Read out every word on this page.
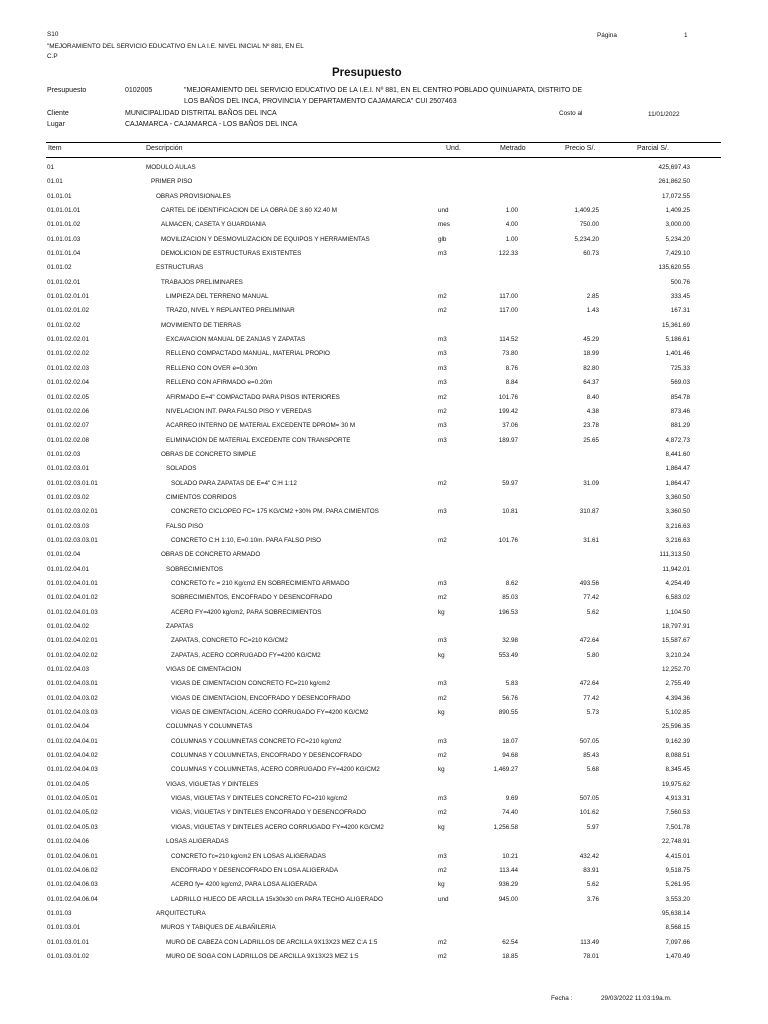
S10	Página	1
"MEJORAMIENTO DEL SERVICIO EDUCATIVO EN LA I.E. NIVEL INICIAL Nº 881, EN EL
C.P
Presupuesto
Presupuesto	0102005	"MEJORAMIENTO DEL SERVICIO EDUCATIVO DE LA I.E.I. Nº 881, EN EL CENTRO POBLADO QUINUAPATA, DISTRITO DE
LOS BAÑOS DEL INCA, PROVINCIA Y DEPARTAMENTO CAJAMARCA" CUI 2507463
Cliente	MUNICIPALIDAD DISTRITAL BAÑOS DEL INCA	Costo al	11/01/2022
Lugar	CAJAMARCA - CAJAMARCA - LOS BAÑOS DEL INCA
Item	Descripción	Und.	Metrado	Precio S/.	Parcial S/.
01	MODULO AULAS	425,697.43
01.01	PRIMER PISO	261,862.50
01.01.01	OBRAS PROVISIONALES	17,072.55
01.01.01.01	CARTEL DE IDENTIFICACION DE LA OBRA DE 3.60 X2.40 M	und	1.00	1,409.25	1,409.25
01.01.01.02	ALMACEN, CASETA Y GUARDIANIA	mes	4.00	750.00	3,000.00
01.01.01.03	MOVILIZACION Y DESMOVILIZACION DE EQUIPOS Y HERRAMIENTAS	glb	1.00	5,234.20	5,234.20
01.01.01.04	DEMOLICION DE ESTRUCTURAS EXISTENTES	m3	122.33	60.73	7,429.10
01.01.02	ESTRUCTURAS	135,620.55
01.01.02.01	TRABAJOS PRELIMINARES	500.76
01.01.02.01.01	LIMPIEZA DEL TERRENO MANUAL	m2	117.00	2.85	333.45
01.01.02.01.02	TRAZO, NIVEL Y REPLANTEO PRELIMINAR	m2	117.00	1.43	167.31
01.01.02.02	MOVIMIENTO DE TIERRAS	15,361.69
01.01.02.02.01	EXCAVACION MANUAL DE ZANJAS Y ZAPATAS	m3	114.52	45.29	5,186.61
01.01.02.02.02	RELLENO COMPACTADO MANUAL, MATERIAL PROPIO	m3	73.80	18.99	1,401.46
01.01.02.02.03	RELLENO CON OVER e=0.30m	m3	8.76	82.80	725.33
01.01.02.02.04	RELLENO CON AFIRMADO e=0.20m	m3	8.84	64.37	569.03
01.01.02.02.05	AFIRMADO E=4" COMPACTADO PARA PISOS INTERIORES	m2	101.76	8.40	854.78
01.01.02.02.06	NIVELACION INT. PARA FALSO PISO Y VEREDAS	m2	199.42	4.38	873.46
01.01.02.02.07	ACARREO INTERNO DE MATERIAL EXCEDENTE DPROM= 30 M	m3	37.06	23.78	881.29
01.01.02.02.08	ELIMINACION DE MATERIAL EXCEDENTE CON TRANSPORTE	m3	189.97	25.65	4,872.73
01.01.02.03	OBRAS DE CONCRETO SIMPLE	8,441.60
01.01.02.03.01	SOLADOS	1,864.47
01.01.02.03.01.01	SOLADO PARA ZAPATAS DE E=4" C:H 1:12	m2	59.97	31.09	1,864.47
01.01.02.03.02	CIMIENTOS CORRIDOS	3,360.50
01.01.02.03.02.01	CONCRETO CICLOPEO FC= 175 KG/CM2 +30% PM. PARA CIMIENTOS	m3	10.81	310.87	3,360.50
01.01.02.03.03	FALSO PISO	3,216.63
01.01.02.03.03.01	CONCRETO C:H 1:10, E=0.10m. PARA FALSO PISO	m2	101.76	31.61	3,216.63
01.01.02.04	OBRAS DE CONCRETO ARMADO	111,313.50
01.01.02.04.01	SOBRECIMIENTOS	11,942.01
01.01.02.04.01.01	CONCRETO f'c = 210 Kg/cm2 EN SOBRECIMIENTO ARMADO	m3	8.62	493.56	4,254.49
01.01.02.04.01.02	SOBRECIMIENTOS, ENCOFRADO Y DESENCOFRADO	m2	85.03	77.42	6,583.02
01.01.02.04.01.03	ACERO FY=4200 kg/cm2, PARA SOBRECIMIENTOS	kg	196.53	5.62	1,104.50
01.01.02.04.02	ZAPATAS	18,797.91
01.01.02.04.02.01	ZAPATAS, CONCRETO FC=210 KG/CM2	m3	32.98	472.64	15,587.67
01.01.02.04.02.02	ZAPATAS, ACERO CORRUGADO FY=4200 KG/CM2	kg	553.49	5.80	3,210.24
01.01.02.04.03	VIGAS DE CIMENTACION	12,252.70
01.01.02.04.03.01	VIGAS DE CIMENTACION CONCRETO FC=210 kg/cm2	m3	5.83	472.64	2,755.49
01.01.02.04.03.02	VIGAS DE CIMENTACION, ENCOFRADO Y DESENCOFRADO	m2	56.76	77.42	4,394.36
01.01.02.04.03.03	VIGAS DE CIMENTACION, ACERO CORRUGADO FY=4200 KG/CM2	kg	890.55	5.73	5,102.85
01.01.02.04.04	COLUMNAS Y COLUMNETAS	25,596.35
01.01.02.04.04.01	COLUMNAS Y COLUMNETAS CONCRETO FC=210 kg/cm2	m3	18.07	507.05	9,162.39
01.01.02.04.04.02	COLUMNAS Y COLUMNETAS, ENCOFRADO Y DESENCOFRADO	m2	94.68	85.43	8,088.51
01.01.02.04.04.03	COLUMNAS Y COLUMNETAS, ACERO CORRUGADO FY=4200 KG/CM2	kg	1,469.27	5.68	8,345.45
01.01.02.04.05	VIGAS, VIGUETAS Y DINTELES	19,975.62
01.01.02.04.05.01	VIGAS, VIGUETAS Y DINTELES CONCRETO FC=210 kg/cm2	m3	9.69	507.05	4,913.31
01.01.02.04.05.02	VIGAS, VIGUETAS Y DINTELES ENCOFRADO Y DESENCOFRADO	m2	74.40	101.62	7,560.53
01.01.02.04.05.03	VIGAS, VIGUETAS Y DINTELES ACERO CORRUGADO FY=4200 KG/CM2	kg	1,256.58	5.97	7,501.78
01.01.02.04.06	LOSAS ALIGERADAS	22,748.91
01.01.02.04.06.01	CONCRETO f'c=210 kg/cm2 EN LOSAS ALIGERADAS	m3	10.21	432.42	4,415.01
01.01.02.04.06.02	ENCOFRADO Y DESENCOFRADO EN LOSA ALIGERADA	m2	113.44	83.91	9,518.75
01.01.02.04.06.03	ACERO fy= 4200 kg/cm2, PARA LOSA ALIGERADA	kg	936.29	5.62	5,261.95
01.01.02.04.06.04	LADRILLO HUECO DE ARCILLA 15x30x30 cm PARA TECHO ALIGERADO	und	945.00	3.76	3,553.20
01.01.03	ARQUITECTURA	95,638.14
01.01.03.01	MUROS Y TABIQUES DE ALBAÑILERIA	8,568.15
01.01.03.01.01	MURO DE CABEZA CON LADRILLOS DE ARCILLA 9X13X23 MEZ C:A 1:5	m2	62.54	113.49	7,097.66
01.01.03.01.02	MURO DE SOGA CON LADRILLOS DE ARCILLA 9X13X23 MEZ 1:5	m2	18.85	78.01	1,470.49
Fecha :	29/03/2022 11:03:19a.m.
